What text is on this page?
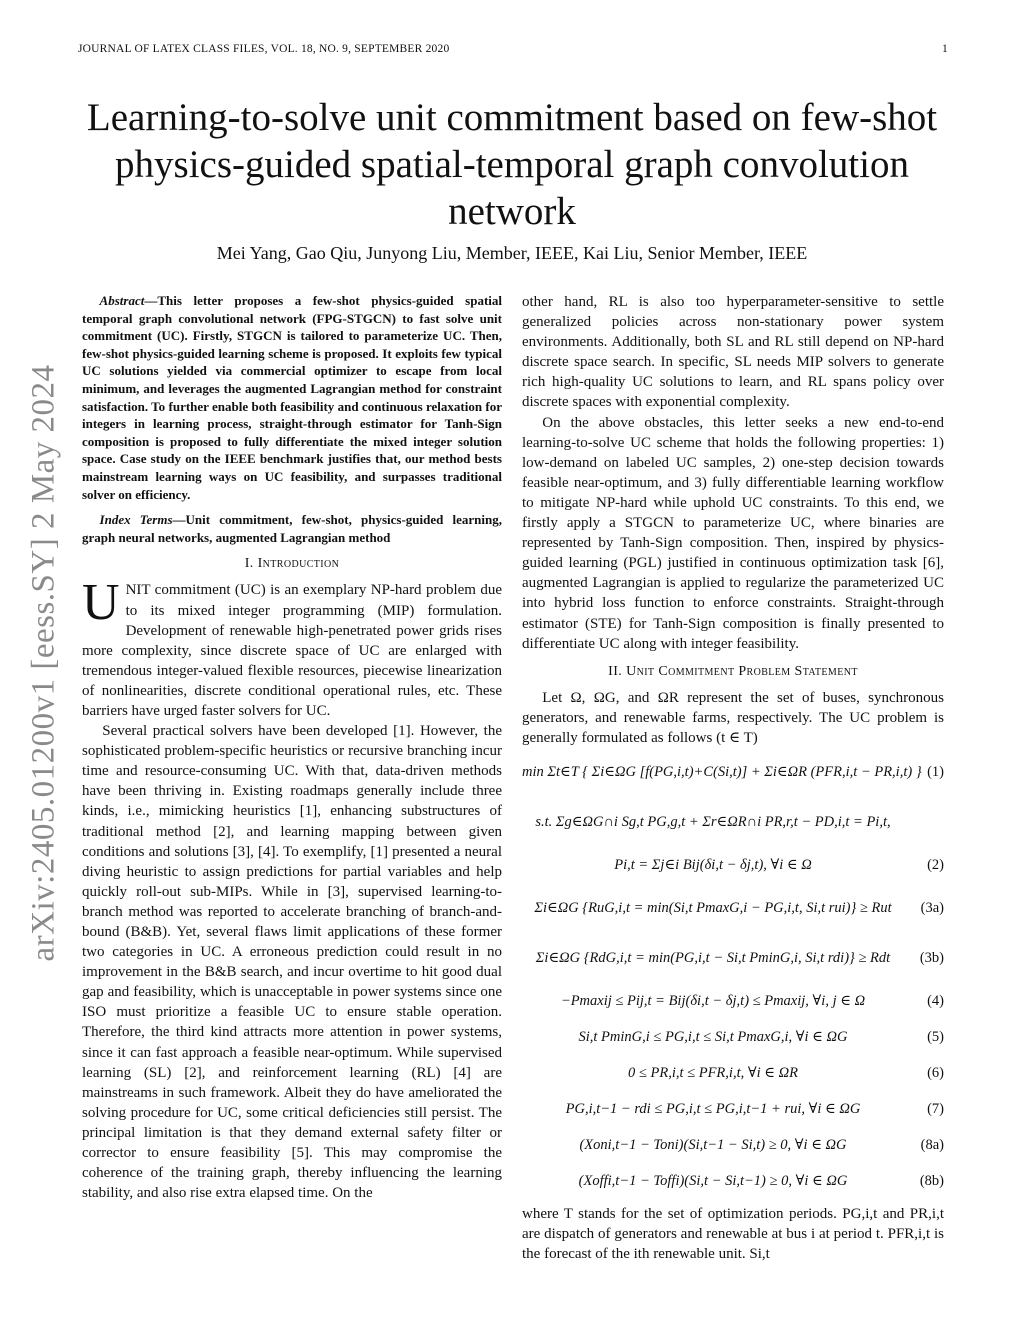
JOURNAL OF LATEX CLASS FILES, VOL. 18, NO. 9, SEPTEMBER 2020	1
Learning-to-solve unit commitment based on few-shot physics-guided spatial-temporal graph convolution network
Mei Yang, Gao Qiu, Junyong Liu, Member, IEEE, Kai Liu, Senior Member, IEEE
arXiv:2405.01200v1 [eess.SY] 2 May 2024

Abstract—This letter proposes a few-shot physics-guided spatial temporal graph convolutional network (FPG-STGCN) to fast solve unit commitment (UC). Firstly, STGCN is tailored to parameterize UC. Then, few-shot physics-guided learning scheme is proposed. It exploits few typical UC solutions yielded via commercial optimizer to escape from local minimum, and leverages the augmented Lagrangian method for constraint satisfaction. To further enable both feasibility and continuous relaxation for integers in learning process, straight-through estimator for Tanh-Sign composition is proposed to fully differentiate the mixed integer solution space. Case study on the IEEE benchmark justifies that, our method bests mainstream learning ways on UC feasibility, and surpasses traditional solver on efficiency.

Index Terms—Unit commitment, few-shot, physics-guided learning, graph neural networks, augmented Lagrangian method

I. Introduction

UNIT commitment (UC) is an exemplary NP-hard problem due to its mixed integer programming (MIP) formulation. Development of renewable high-penetrated power grids rises more complexity, since discrete space of UC are enlarged with tremendous integer-valued flexible resources, piecewise linearization of nonlinearities, discrete conditional operational rules, etc. These barriers have urged faster solvers for UC.

Several practical solvers have been developed [1]. However, the sophisticated problem-specific heuristics or recursive branching incur time and resource-consuming UC. With that, data-driven methods have been thriving in. Existing roadmaps generally include three kinds, i.e., mimicking heuristics [1], enhancing substructures of traditional method [2], and learning mapping between given conditions and solutions [3], [4]. To exemplify, [1] presented a neural diving heuristic to assign predictions for partial variables and help quickly roll-out sub-MIPs. While in [3], supervised learning-to-branch method was reported to accelerate branching of branch-and-bound (B&B). Yet, several flaws limit applications of these former two categories in UC. A erroneous prediction could result in no improvement in the B&B search, and incur overtime to hit good dual gap and feasibility, which is unacceptable in power systems since one ISO must prioritize a feasible UC to ensure stable operation. Therefore, the third kind attracts more attention in power systems, since it can fast approach a feasible near-optimum. While supervised learning (SL) [2], and reinforcement learning (RL) [4] are mainstreams in such framework. Albeit they do have ameliorated the solving procedure for UC, some critical deficiencies still persist. The principal limitation is that they demand external safety filter or corrector to ensure feasibility [5]. This may compromise the coherence of the training graph, thereby influencing the learning stability, and also rise extra elapsed time. On the

other hand, RL is also too hyperparameter-sensitive to settle generalized policies across non-stationary power system environments. Additionally, both SL and RL still depend on NP-hard discrete space search. In specific, SL needs MIP solvers to generate rich high-quality UC solutions to learn, and RL spans policy over discrete spaces with exponential complexity.

On the above obstacles, this letter seeks a new end-to-end learning-to-solve UC scheme that holds the following properties: 1) low-demand on labeled UC samples, 2) one-step decision towards feasible near-optimum, and 3) fully differentiable learning workflow to mitigate NP-hard while uphold UC constraints. To this end, we firstly apply a STGCN to parameterize UC, where binaries are represented by Tanh-Sign composition. Then, inspired by physics-guided learning (PGL) justified in continuous optimization task [6], augmented Lagrangian is applied to regularize the parameterized UC into hybrid loss function to enforce constraints. Straight-through estimator (STE) for Tanh-Sign composition is finally presented to differentiate UC along with integer feasibility.

II. Unit Commitment Problem Statement

Let Ω, ΩG, and ΩR represent the set of buses, synchronous generators, and renewable farms, respectively. The UC problem is generally formulated as follows (t ∈ T)

min Σt∈T { Σi∈ΩG [f(PG,i,t)+C(Si,t)] + Σi∈ΩR (PFR,i,t − PR,i,t) } (1)
s.t. Σg∈ΩG∩i Sg,t PG,g,t + Σr∈ΩR∩i PR,r,t − PD,i,t = Pi,t,
Pi,t = Σj∈i Bij(δi,t − δj,t), ∀i ∈ Ω	(2)
Σi∈ΩG {RuG,i,t = min(Si,t PmaxG,i − PG,i,t, Si,t rui)} ≥ Rut	(3a)
Σi∈ΩG {RdG,i,t = min(PG,i,t − Si,t PminG,i, Si,t rdi)} ≥ Rdt	(3b)
−Pmaxij ≤ Pij,t = Bij(δi,t − δj,t) ≤ Pmaxij, ∀i, j ∈ Ω	(4)
Si,t PminG,i ≤ PG,i,t ≤ Si,t PmaxG,i, ∀i ∈ ΩG	(5)
0 ≤ PR,i,t ≤ PFR,i,t, ∀i ∈ ΩR	(6)
PG,i,t−1 − rdi ≤ PG,i,t ≤ PG,i,t−1 + rui, ∀i ∈ ΩG	(7)
(Xoni,t−1 − Toni)(Si,t−1 − Si,t) ≥ 0, ∀i ∈ ΩG	(8a)
(Xoffi,t−1 − Toffi)(Si,t − Si,t−1) ≥ 0, ∀i ∈ ΩG	(8b)

where T stands for the set of optimization periods. PG,i,t and PR,i,t are dispatch of generators and renewable at bus i at period t. PFR,i,t is the forecast of the ith renewable unit. Si,t
